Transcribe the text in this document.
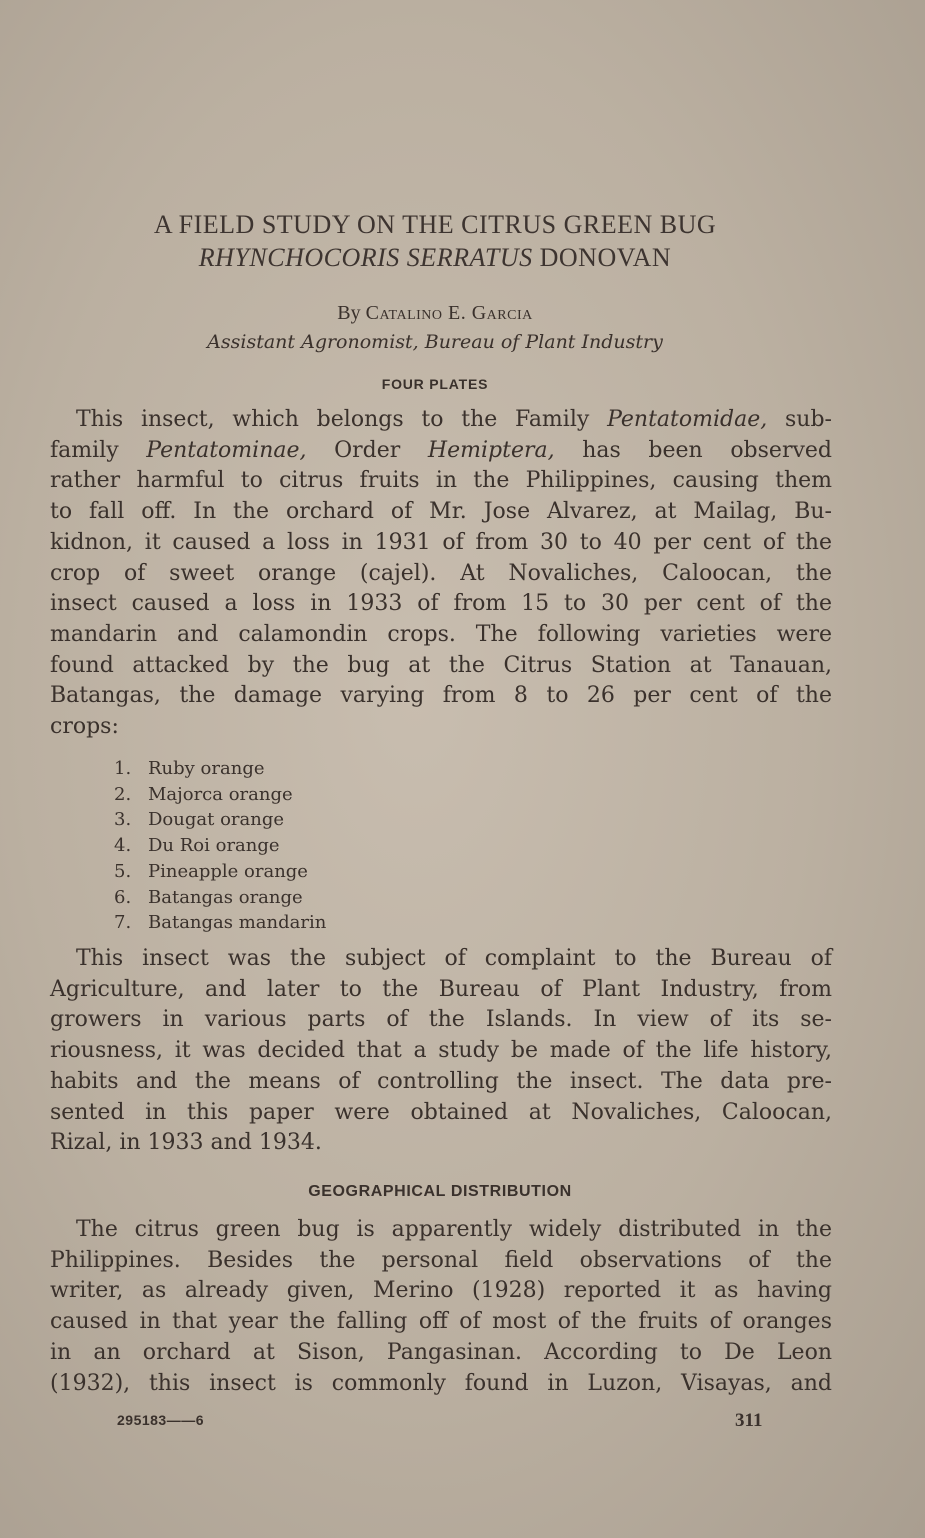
A FIELD STUDY ON THE CITRUS GREEN BUG
RHYNCHOCORIS SERRATUS DONOVAN
By Catalino E. Garcia
Assistant Agronomist, Bureau of Plant Industry
FOUR PLATES
This insect, which belongs to the Family Pentatomidae, sub-
family Pentatominae, Order Hemiptera, has been observed
rather harmful to citrus fruits in the Philippines, causing them
to fall off. In the orchard of Mr. Jose Alvarez, at Mailag, Bu-
kidnon, it caused a loss in 1931 of from 30 to 40 per cent of the
crop of sweet orange (cajel). At Novaliches, Caloocan, the
insect caused a loss in 1933 of from 15 to 30 per cent of the
mandarin and calamondin crops. The following varieties were
found attacked by the bug at the Citrus Station at Tanauan,
Batangas, the damage varying from 8 to 26 per cent of the
crops:
1. Ruby orange
2. Majorca orange
3. Dougat orange
4. Du Roi orange
5. Pineapple orange
6. Batangas orange
7. Batangas mandarin
This insect was the subject of complaint to the Bureau of
Agriculture, and later to the Bureau of Plant Industry, from
growers in various parts of the Islands. In view of its se-
riousness, it was decided that a study be made of the life history,
habits and the means of controlling the insect. The data pre-
sented in this paper were obtained at Novaliches, Caloocan,
Rizal, in 1933 and 1934.
GEOGRAPHICAL DISTRIBUTION
The citrus green bug is apparently widely distributed in the
Philippines. Besides the personal field observations of the
writer, as already given, Merino (1928) reported it as having
caused in that year the falling off of most of the fruits of oranges
in an orchard at Sison, Pangasinan. According to De Leon
(1932), this insect is commonly found in Luzon, Visayas, and
295183——6	311
